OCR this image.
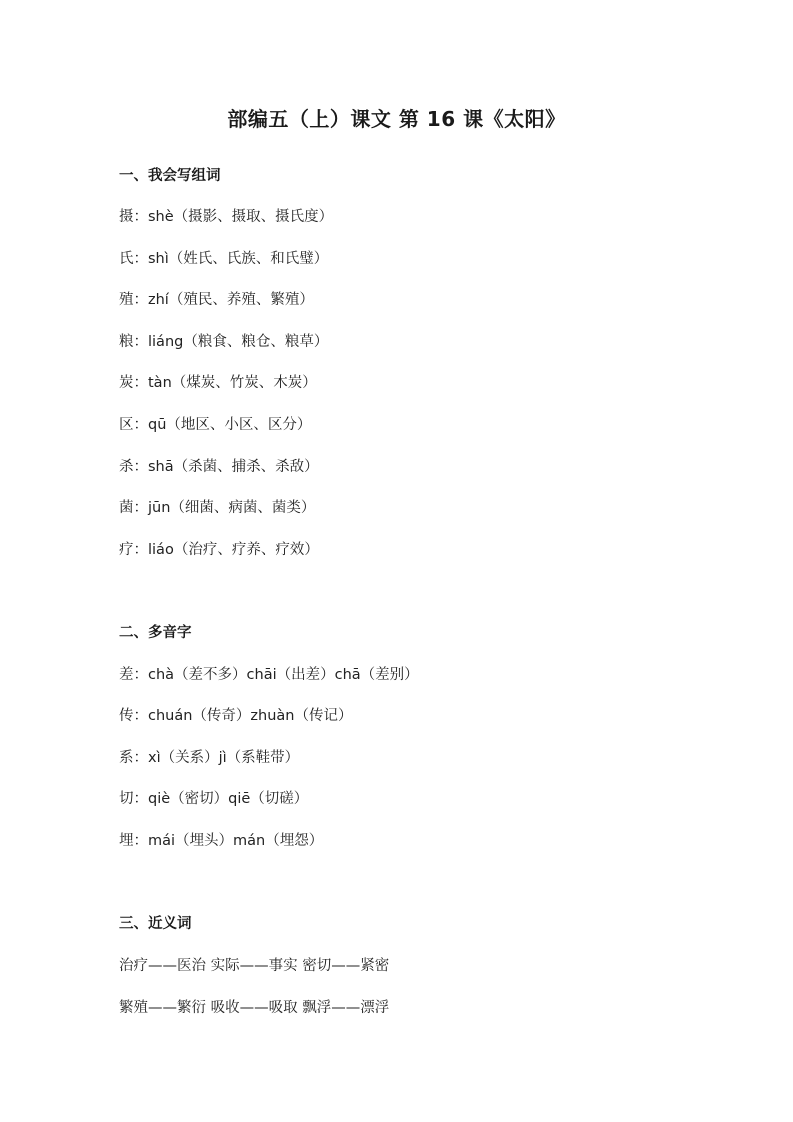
部编五（上）课文 第 16 课《太阳》
一、我会写组词
摄：shè（摄影、摄取、摄氏度）
氏：shì（姓氏、氏族、和氏璧）
殖：zhí（殖民、养殖、繁殖）
粮：liáng（粮食、粮仓、粮草）
炭：tàn（煤炭、竹炭、木炭）
区：qū（地区、小区、区分）
杀：shā（杀菌、捕杀、杀敌）
菌：jūn（细菌、病菌、菌类）
疗：liáo（治疗、疗养、疗效）
二、多音字
差：chà（差不多）chāi（出差）chā（差别）
传：chuán（传奇）zhuàn（传记）
系：xì（关系）jì（系鞋带）
切：qiè（密切）qiē（切磋）
埋：mái（埋头）mán（埋怨）
三、近义词
治疗——医治 实际——事实 密切——紧密
繁殖——繁衍 吸收——吸取 飘浮——漂浮
